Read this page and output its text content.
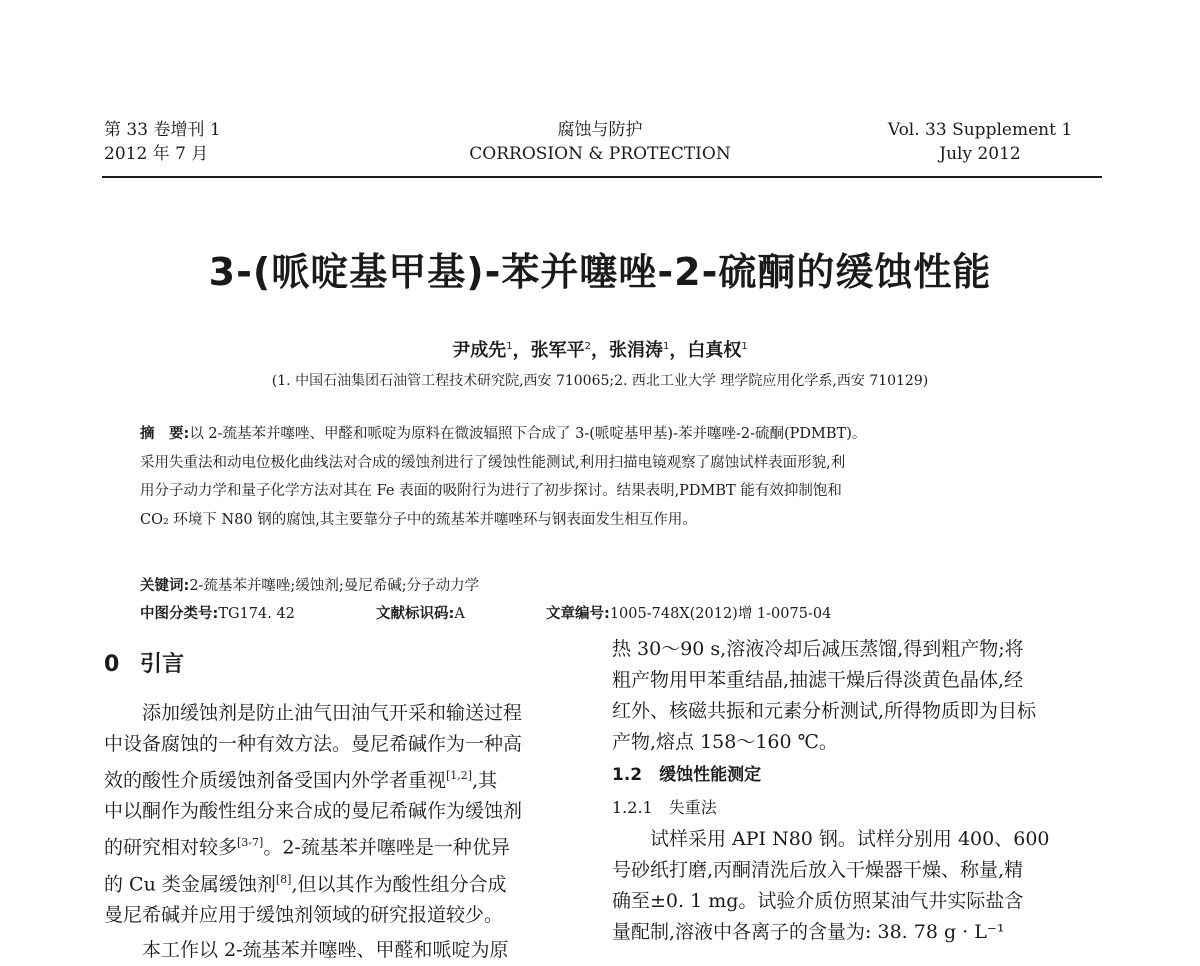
第 33 卷增刊 1
2012 年 7 月
腐蚀与防护
CORROSION & PROTECTION
Vol. 33 Supplement 1
July 2012
3-(哌啶基甲基)-苯并噻唑-2-硫酮的缓蚀性能
尹成先$^1$，张军平$^2$，张涓涛$^1$，白真权$^1$
(1. 中国石油集团石油管工程技术研究院,西安 710065;2. 西北工业大学 理学院应用化学系,西安 710129)

摘　要:以 2-巯基苯并噻唑、甲醛和哌啶为原料在微波辐照下合成了 3-(哌啶基甲基)-苯并噻唑-2-硫酮(PDMBT)。

采用失重法和动电位极化曲线法对合成的缓蚀剂进行了缓蚀性能测试,利用扫描电镜观察了腐蚀试样表面形貌,利

用分子动力学和量子化学方法对其在 Fe 表面的吸附行为进行了初步探讨。结果表明,PDMBT 能有效抑制饱和

CO₂ 环境下 N80 钢的腐蚀,其主要靠分子中的巯基苯并噻唑环与钢表面发生相互作用。

关键词:2-巯基苯并噻唑;缓蚀剂;曼尼希碱;分子动力学
中图分类号:TG174. 42	文献标识码:A	文章编号:1005-748X(2012)增 1-0075-04
0 引言

添加缓蚀剂是防止油气田油气开采和输送过程

中设备腐蚀的一种有效方法。曼尼希碱作为一种高

效的酸性介质缓蚀剂备受国内外学者重视[1,2],其

中以酮作为酸性组分来合成的曼尼希碱作为缓蚀剂

的研究相对较多[3-7]。2-巯基苯并噻唑是一种优异

的 Cu 类金属缓蚀剂[8],但以其作为酸性组分合成

曼尼希碱并应用于缓蚀剂领域的研究报道较少。

本工作以 2-巯基苯并噻唑、甲醛和哌啶为原

热 30～90 s,溶液冷却后减压蒸馏,得到粗产物;将

粗产物用甲苯重结晶,抽滤干燥后得淡黄色晶体,经

红外、核磁共振和元素分析测试,所得物质即为目标

产物,熔点 158～160 ℃。

1.2　缓蚀性能测定

1.2.1　失重法

试样采用 API N80 钢。试样分别用 400、600

号砂纸打磨,丙酮清洗后放入干燥器干燥、称量,精

确至±0. 1 mg。试验介质仿照某油气井实际盐含

量配制,溶液中各离子的含量为: 38. 78 g · L⁻¹
